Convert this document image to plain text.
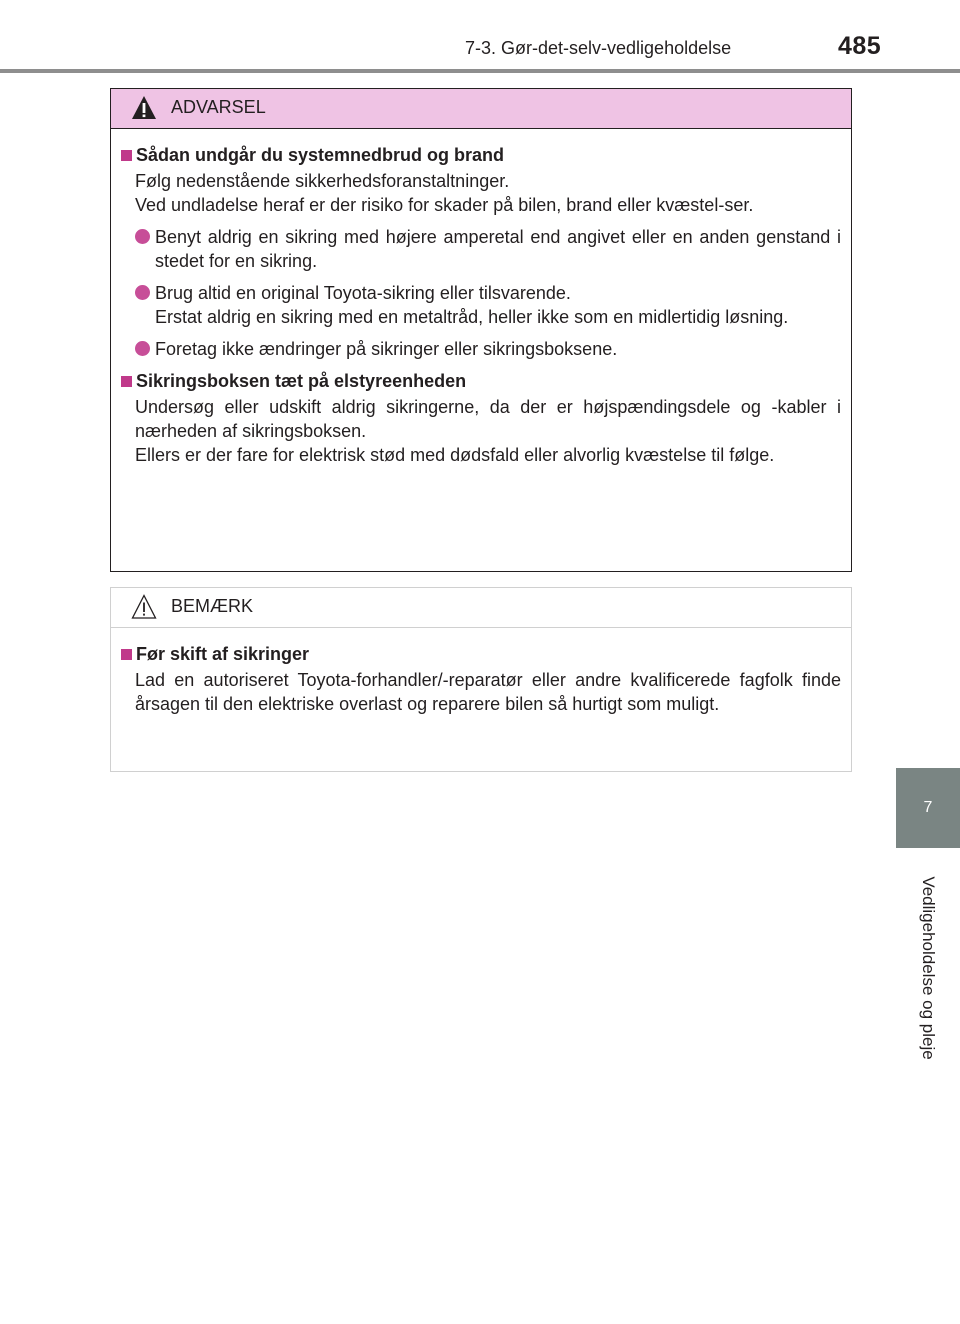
7-3. Gør-det-selv-vedligeholdelse	485
7
Vedligeholdelse og pleje
ADVARSEL
Sådan undgår du systemnedbrud og brand
Følg nedenstående sikkerhedsforanstaltninger.
Ved undladelse heraf er der risiko for skader på bilen, brand eller kvæstel-ser.
Benyt aldrig en sikring med højere amperetal end angivet eller en anden genstand i stedet for en sikring.
Brug altid en original Toyota-sikring eller tilsvarende.
Erstat aldrig en sikring med en metaltråd, heller ikke som en midlertidig løsning.
Foretag ikke ændringer på sikringer eller sikringsboksene.
Sikringsboksen tæt på elstyreenheden
Undersøg eller udskift aldrig sikringerne, da der er højspændingsdele og -kabler i nærheden af sikringsboksen.
Ellers er der fare for elektrisk stød med dødsfald eller alvorlig kvæstelse til følge.
BEMÆRK
Før skift af sikringer
Lad en autoriseret Toyota-forhandler/-reparatør eller andre kvalificerede fagfolk finde årsagen til den elektriske overlast og reparere bilen så hurtigt som muligt.
